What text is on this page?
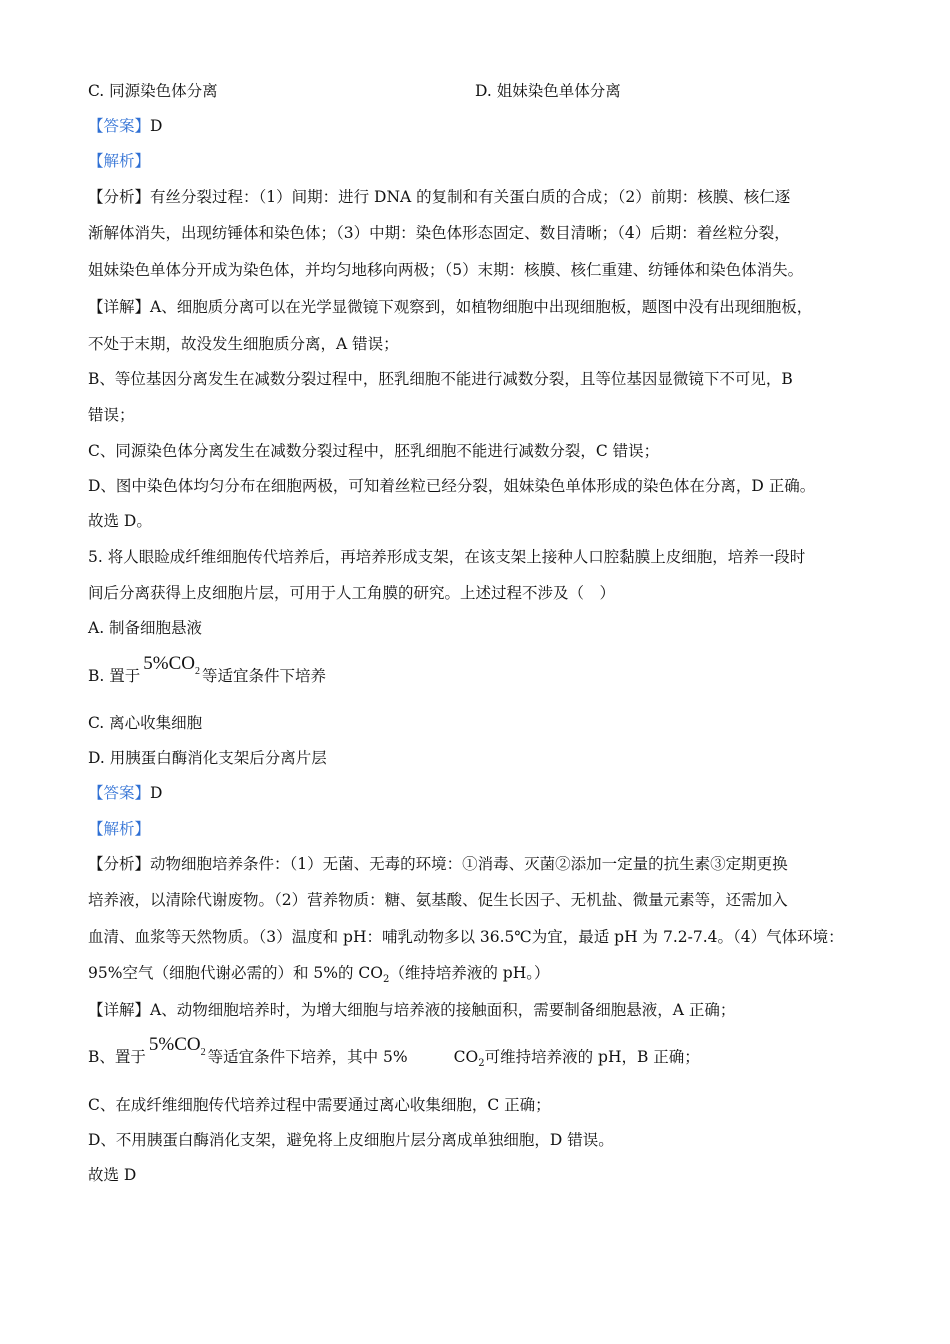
C. 同源染色体分离	D. 姐妹染色单体分离
【答案】D
【解析】
【分析】有丝分裂过程：（1）间期：进行 DNA 的复制和有关蛋白质的合成；（2）前期：核膜、核仁逐
渐解体消失，出现纺锤体和染色体；（3）中期：染色体形态固定、数目清晰；（4）后期：着丝粒分裂，
姐妹染色单体分开成为染色体，并均匀地移向两极；（5）末期：核膜、核仁重建、纺锤体和染色体消失。
【详解】A、细胞质分离可以在光学显微镜下观察到，如植物细胞中出现细胞板，题图中没有出现细胞板，
不处于末期，故没发生细胞质分离，A 错误；
B、等位基因分离发生在减数分裂过程中，胚乳细胞不能进行减数分裂，且等位基因显微镜下不可见，B
错误；
C、同源染色体分离发生在减数分裂过程中，胚乳细胞不能进行减数分裂，C 错误；
D、图中染色体均匀分布在细胞两极，可知着丝粒已经分裂，姐妹染色单体形成的染色体在分离，D 正确。
故选 D。
5. 将人眼睑成纤维细胞传代培养后，再培养形成支架，在该支架上接种人口腔黏膜上皮细胞，培养一段时
间后分离获得上皮细胞片层，可用于人工角膜的研究。上述过程不涉及（　）
A. 制备细胞悬液
B. 置于$5\%CO_2$ 等适宜条件下培养
C. 离心收集细胞
D. 用胰蛋白酶消化支架后分离片层
【答案】D
【解析】
【分析】动物细胞培养条件：（1）无菌、无毒的环境：①消毒、灭菌②添加一定量的抗生素③定期更换
培养液，以清除代谢废物。（2）营养物质：糖、氨基酸、促生长因子、无机盐、微量元素等，还需加入
血清、血浆等天然物质。（3）温度和 pH：哺乳动物多以 36.5℃为宜，最适 pH 为 7.2-7.4。（4）气体环境：
95%空气（细胞代谢必需的）和 5%的 $CO_2$（维持培养液的 pH。）
【详解】A、动物细胞培养时，为增大细胞与培养液的接触面积，需要制备细胞悬液，A 正确；
B、置于$5\%CO_2$ 等适宜条件下培养，其中 5%	$CO_2$可维持培养液的 pH，B 正确；
C、在成纤维细胞传代培养过程中需要通过离心收集细胞，C 正确；
D、不用胰蛋白酶消化支架，避免将上皮细胞片层分离成单独细胞，D 错误。
故选 D
